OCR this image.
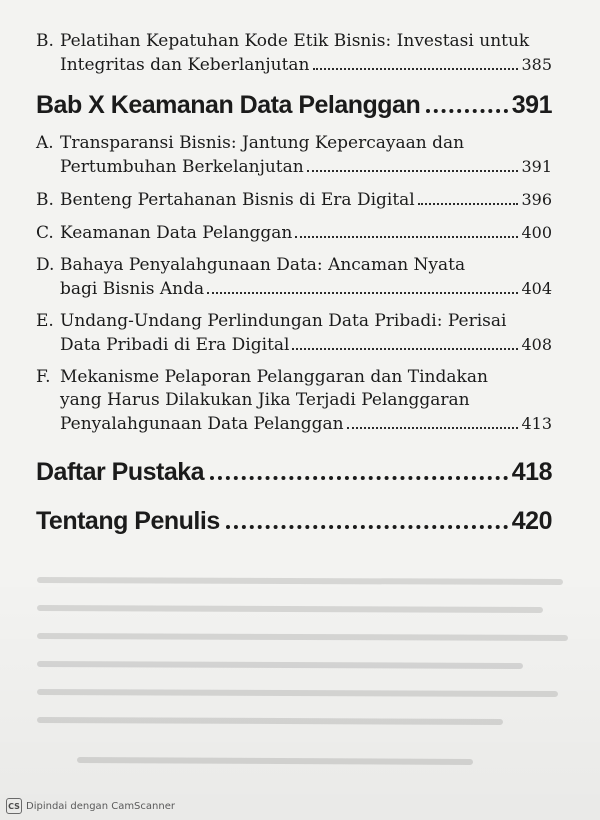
B. Pelatihan Kepatuhan Kode Etik Bisnis: Investasi untuk
Integritas dan Keberlanjutan	385
Bab X Keamanan Data Pelanggan	391
A. Transparansi Bisnis: Jantung Kepercayaan dan
Pertumbuhan Berkelanjutan	391
B. Benteng Pertahanan Bisnis di Era Digital	396
C. Keamanan Data Pelanggan	400
D. Bahaya Penyalahgunaan Data: Ancaman Nyata
bagi Bisnis Anda	404
E. Undang-Undang Perlindungan Data Pribadi: Perisai
Data Pribadi di Era Digital	408
F. Mekanisme Pelaporan Pelanggaran dan Tindakan
yang Harus Dilakukan Jika Terjadi Pelanggaran
Penyalahgunaan Data Pelanggan	413
Daftar Pustaka	418
Tentang Penulis	420
CS Dipindai dengan CamScanner
